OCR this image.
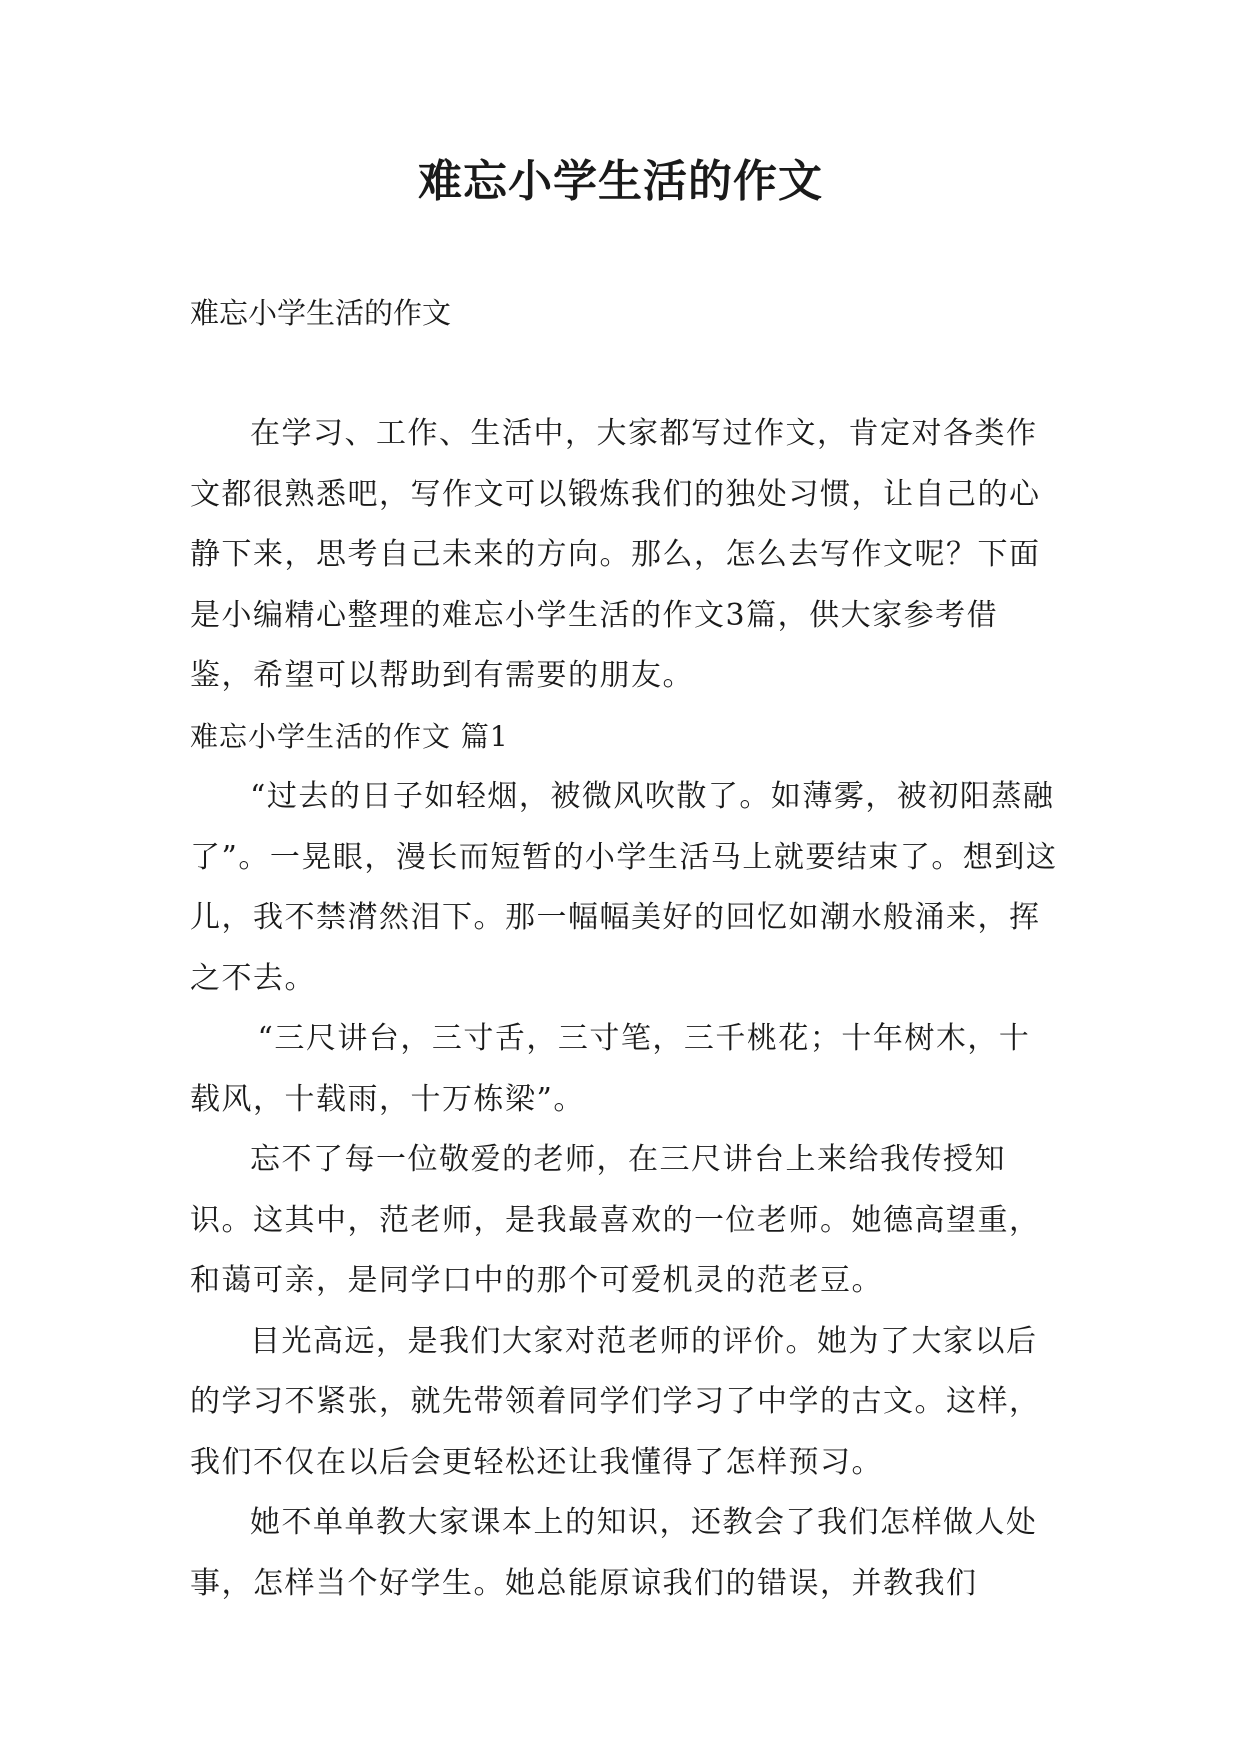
难忘小学生活的作文
难忘小学生活的作文

在学习、工作、生活中，大家都写过作文，肯定对各类作文都很熟悉吧，写作文可以锻炼我们的独处习惯，让自己的心静下来，思考自己未来的方向。那么，怎么去写作文呢？下面是小编精心整理的难忘小学生活的作文3篇，供大家参考借鉴，希望可以帮助到有需要的朋友。

难忘小学生活的作文 篇1

“过去的日子如轻烟，被微风吹散了。如薄雾，被初阳蒸融了”。一晃眼，漫长而短暂的小学生活马上就要结束了。想到这儿，我不禁潸然泪下。那一幅幅美好的回忆如潮水般涌来，挥之不去。

“三尺讲台，三寸舌，三寸笔，三千桃花；十年树木，十载风，十载雨，十万栋梁”。

忘不了每一位敬爱的老师，在三尺讲台上来给我传授知识。这其中，范老师，是我最喜欢的一位老师。她德高望重，和蔼可亲，是同学口中的那个可爱机灵的范老豆。

目光高远，是我们大家对范老师的评价。她为了大家以后的学习不紧张，就先带领着同学们学习了中学的古文。这样，我们不仅在以后会更轻松还让我懂得了怎样预习。

她不单单教大家课本上的知识，还教会了我们怎样做人处事，怎样当个好学生。她总能原谅我们的错误，并教我们
